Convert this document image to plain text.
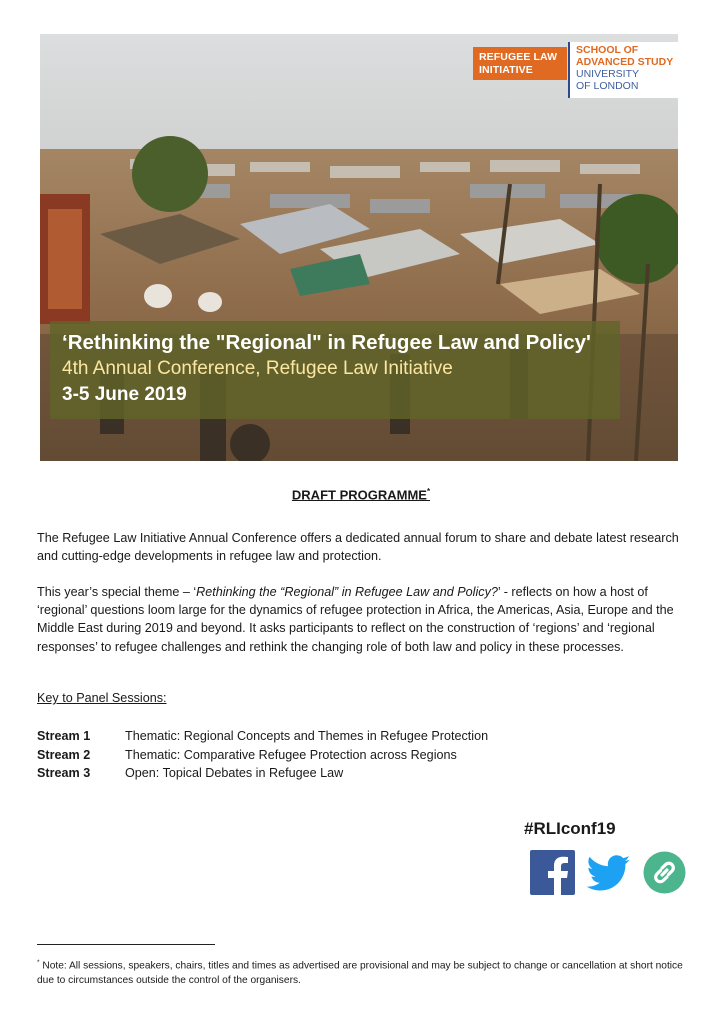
REFUGEE LAW
INITIATIVE
SCHOOL OF
ADVANCED STUDY
UNIVERSITY
OF LONDON
‘Rethinking the "Regional" in Refugee Law and Policy'
4th Annual Conference, Refugee Law Initiative
3-5 June 2019
DRAFT PROGRAMME*
The Refugee Law Initiative Annual Conference offers a dedicated annual forum to share and debate latest research and cutting-edge developments in refugee law and protection.
This year’s special theme – ‘Rethinking the “Regional” in Refugee Law and Policy?’ - reflects on how a host of ‘regional’ questions loom large for the dynamics of refugee protection in Africa, the Americas, Asia, Europe and the Middle East during 2019 and beyond. It asks participants to reflect on the construction of ‘regions’ and ‘regional responses’ to refugee challenges and rethink the changing role of both law and policy in these processes.
Key to Panel Sessions:
Stream 1	Thematic: Regional Concepts and Themes in Refugee Protection
Stream 2	Thematic: Comparative Refugee Protection across Regions
Stream 3	Open: Topical Debates in Refugee Law
#RLIconf19
* Note: All sessions, speakers, chairs, titles and times as advertised are provisional and may be subject to change or cancellation at short notice due to circumstances outside the control of the organisers.
